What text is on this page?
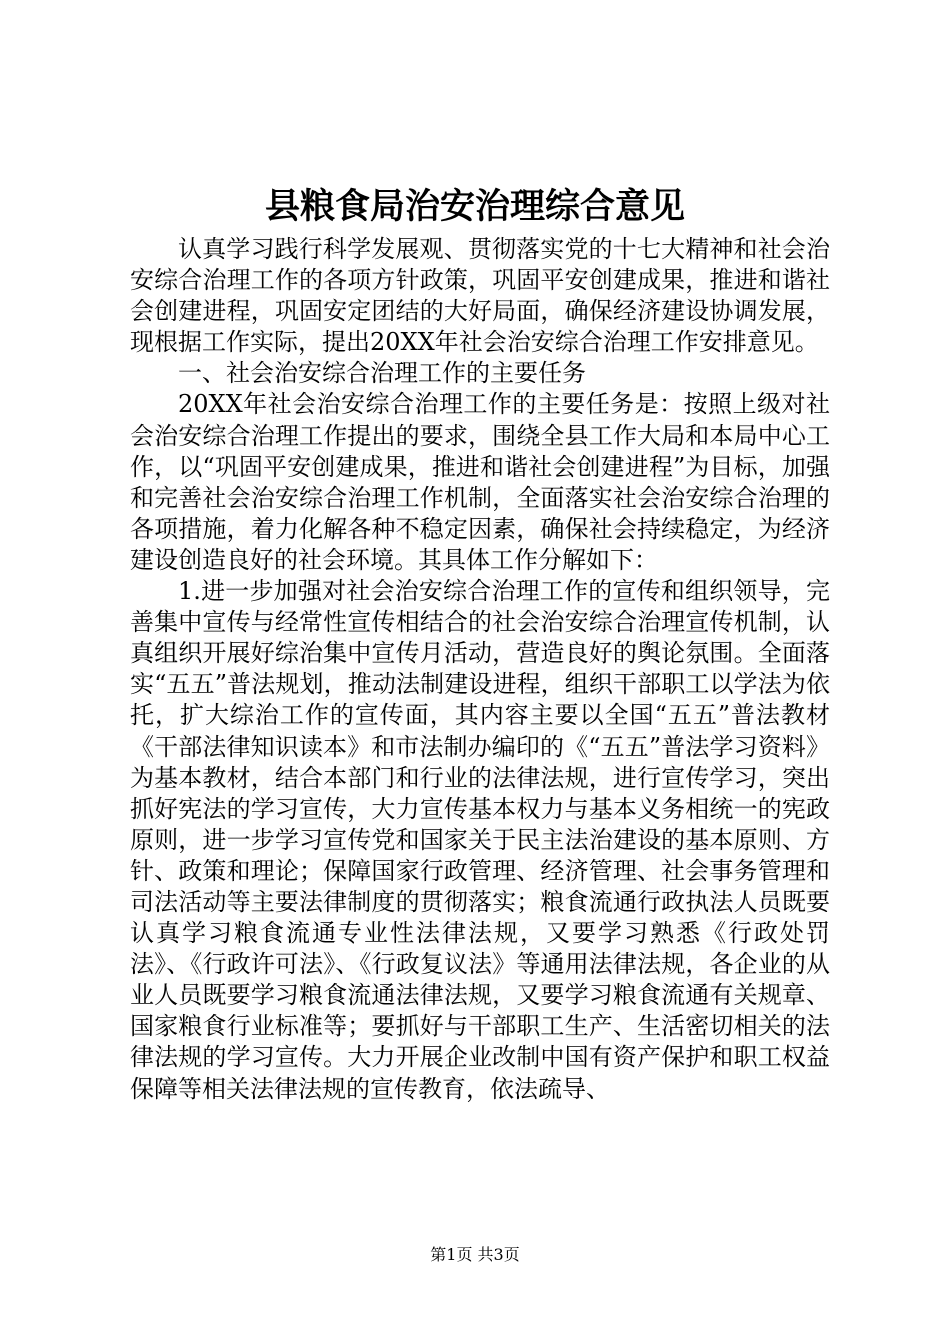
县粮食局治安治理综合意见

认真学习践行科学发展观、贯彻落实党的十七大精神和社会治安综合治理工作的各项方针政策，巩固平安创建成果，推进和谐社会创建进程，巩固安定团结的大好局面，确保经济建设协调发展，现根据工作实际，提出20XX年社会治安综合治理工作安排意见。

一、社会治安综合治理工作的主要任务

20XX年社会治安综合治理工作的主要任务是：按照上级对社会治安综合治理工作提出的要求，围绕全县工作大局和本局中心工作，以“巩固平安创建成果，推进和谐社会创建进程”为目标，加强和完善社会治安综合治理工作机制，全面落实社会治安综合治理的各项措施，着力化解各种不稳定因素，确保社会持续稳定，为经济建设创造良好的社会环境。其具体工作分解如下：

1.进一步加强对社会治安综合治理工作的宣传和组织领导，完善集中宣传与经常性宣传相结合的社会治安综合治理宣传机制，认真组织开展好综治集中宣传月活动，营造良好的舆论氛围。全面落实“五五”普法规划，推动法制建设进程，组织干部职工以学法为依托，扩大综治工作的宣传面，其内容主要以全国“五五”普法教材《干部法律知识读本》和市法制办编印的《“五五”普法学习资料》为基本教材，结合本部门和行业的法律法规，进行宣传学习，突出抓好宪法的学习宣传，大力宣传基本权力与基本义务相统一的宪政原则，进一步学习宣传党和国家关于民主法治建设的基本原则、方针、政策和理论；保障国家行政管理、经济管理、社会事务管理和司法活动等主要法律制度的贯彻落实；粮食流通行政执法人员既要认真学习粮食流通专业性法律法规，又要学习熟悉《行政处罚法》、《行政许可法》、《行政复议法》等通用法律法规，各企业的从业人员既要学习粮食流通法律法规，又要学习粮食流通有关规章、国家粮食行业标准等；要抓好与干部职工生产、生活密切相关的法律法规的学习宣传。大力开展企业改制中国有资产保护和职工权益保障等相关法律法规的宣传教育，依法疏导、

第1页 共3页
